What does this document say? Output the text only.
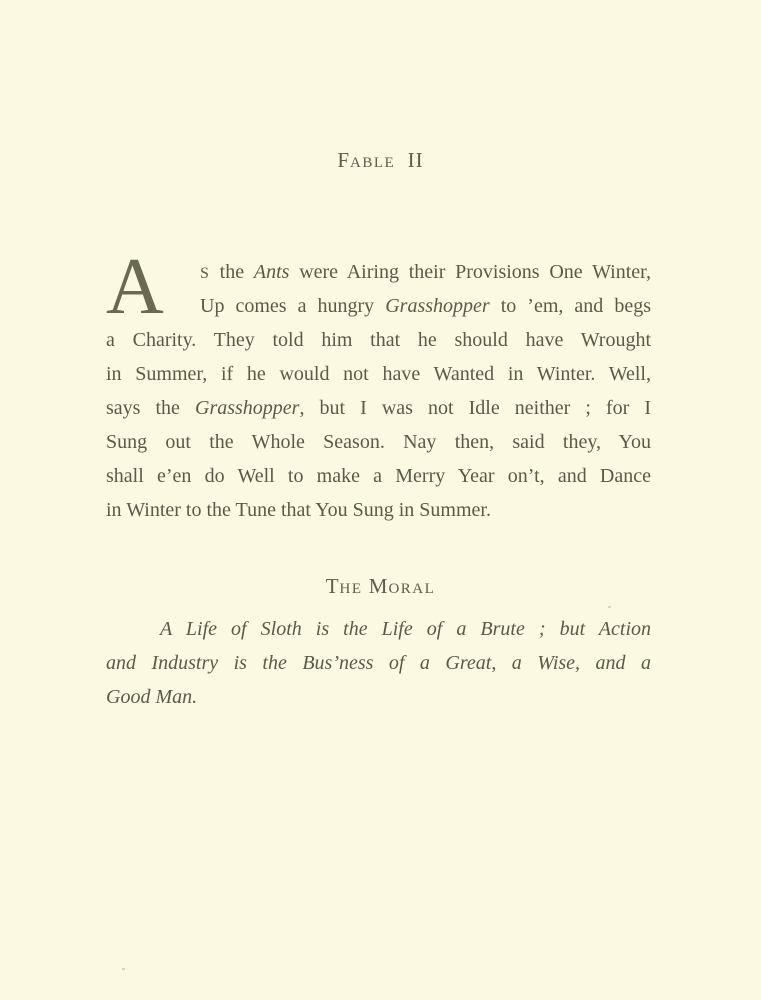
FABLE II
A	S the Ants were Airing their Provisions One Winter,
Up comes a hungry Grasshopper to ’em, and begs
a Charity. They told him that he should have Wrought
in Summer, if he would not have Wanted in Winter. Well,
says the Grasshopper, but I was not Idle neither ; for I
Sung out the Whole Season. Nay then, said they, You
shall e’en do Well to make a Merry Year on’t, and Dance
in Winter to the Tune that You Sung in Summer.
THE MORAL
A Life of Sloth is the Life of a Brute ; but Action
and Industry is the Bus’ness of a Great, a Wise, and a
Good Man.
